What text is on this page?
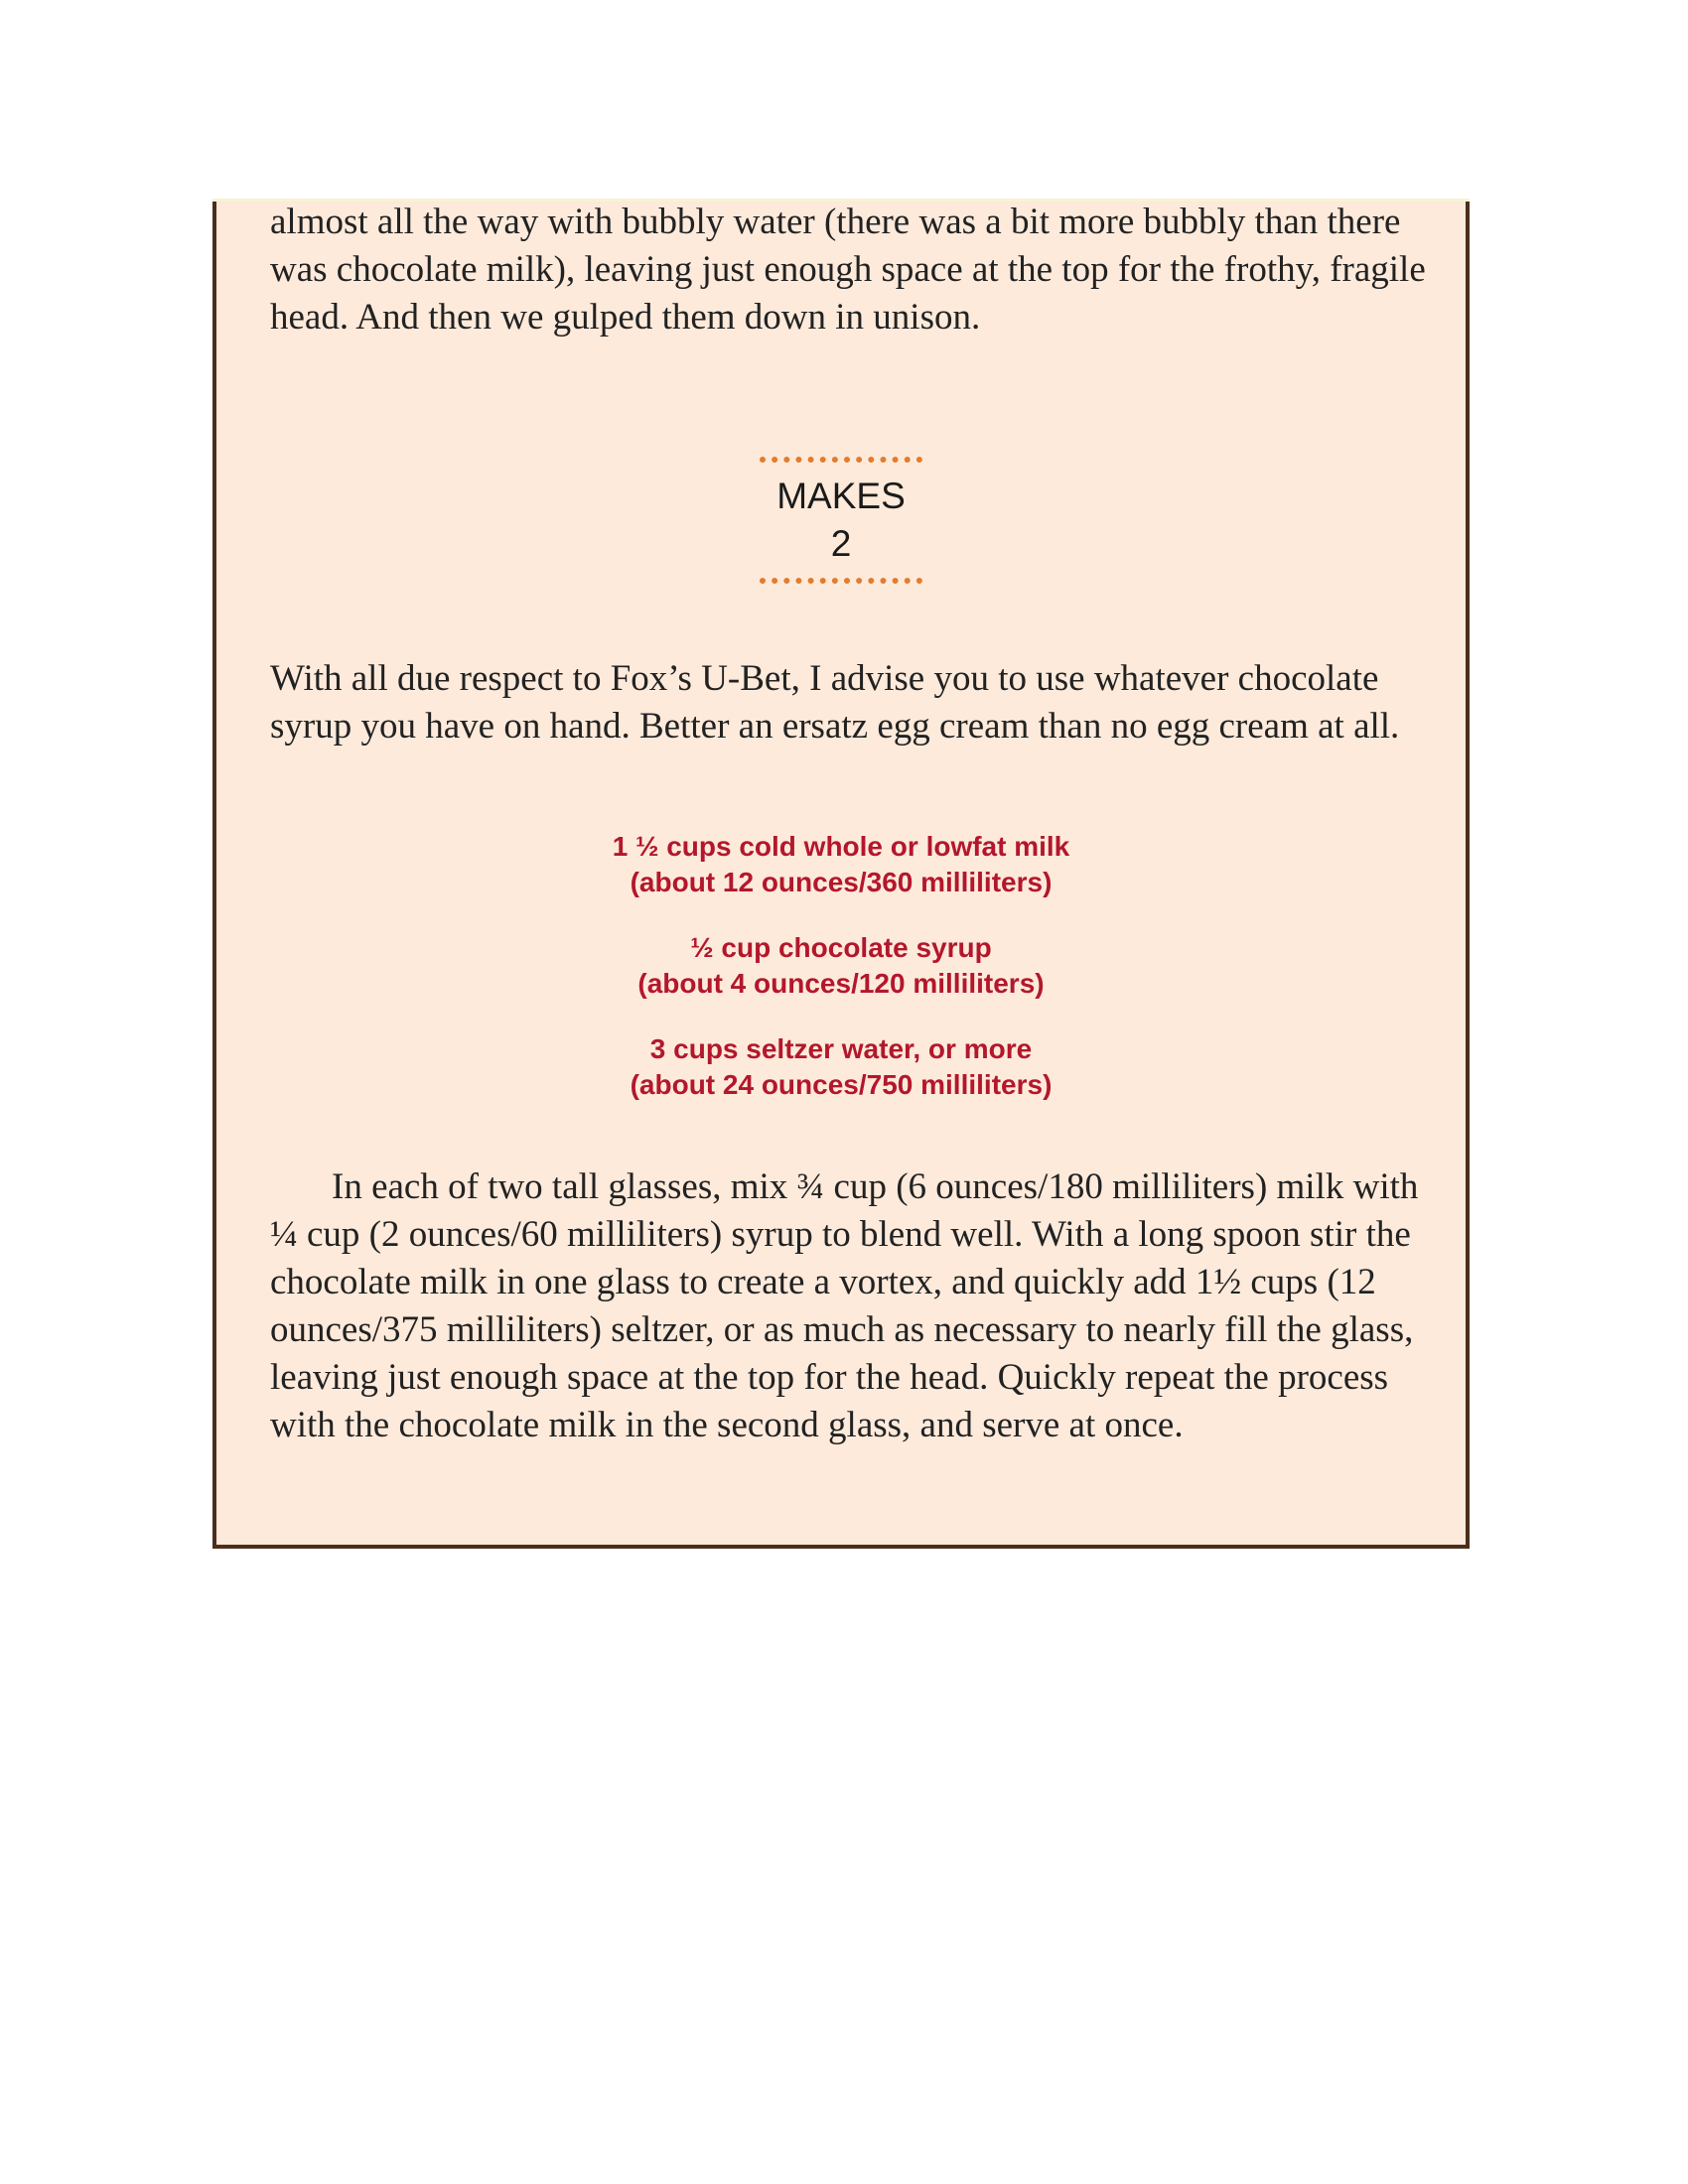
almost all the way with bubbly water (there was a bit more bubbly than there was chocolate milk), leaving just enough space at the top for the frothy, fragile head. And then we gulped them down in unison.

MAKES
2

With all due respect to Fox’s U-Bet, I advise you to use whatever chocolate syrup you have on hand. Better an ersatz egg cream than no egg cream at all.

1 ½ cups cold whole or lowfat milk
(about 12 ounces/360 milliliters)
½ cup chocolate syrup
(about 4 ounces/120 milliliters)
3 cups seltzer water, or more
(about 24 ounces/750 milliliters)

In each of two tall glasses, mix ¾ cup (6 ounces/180 milliliters) milk with ¼ cup (2 ounces/60 milliliters) syrup to blend well. With a long spoon stir the chocolate milk in one glass to create a vortex, and quickly add 1½ cups (12 ounces/375 milliliters) seltzer, or as much as necessary to nearly fill the glass, leaving just enough space at the top for the head. Quickly repeat the process with the chocolate milk in the second glass, and serve at once.
